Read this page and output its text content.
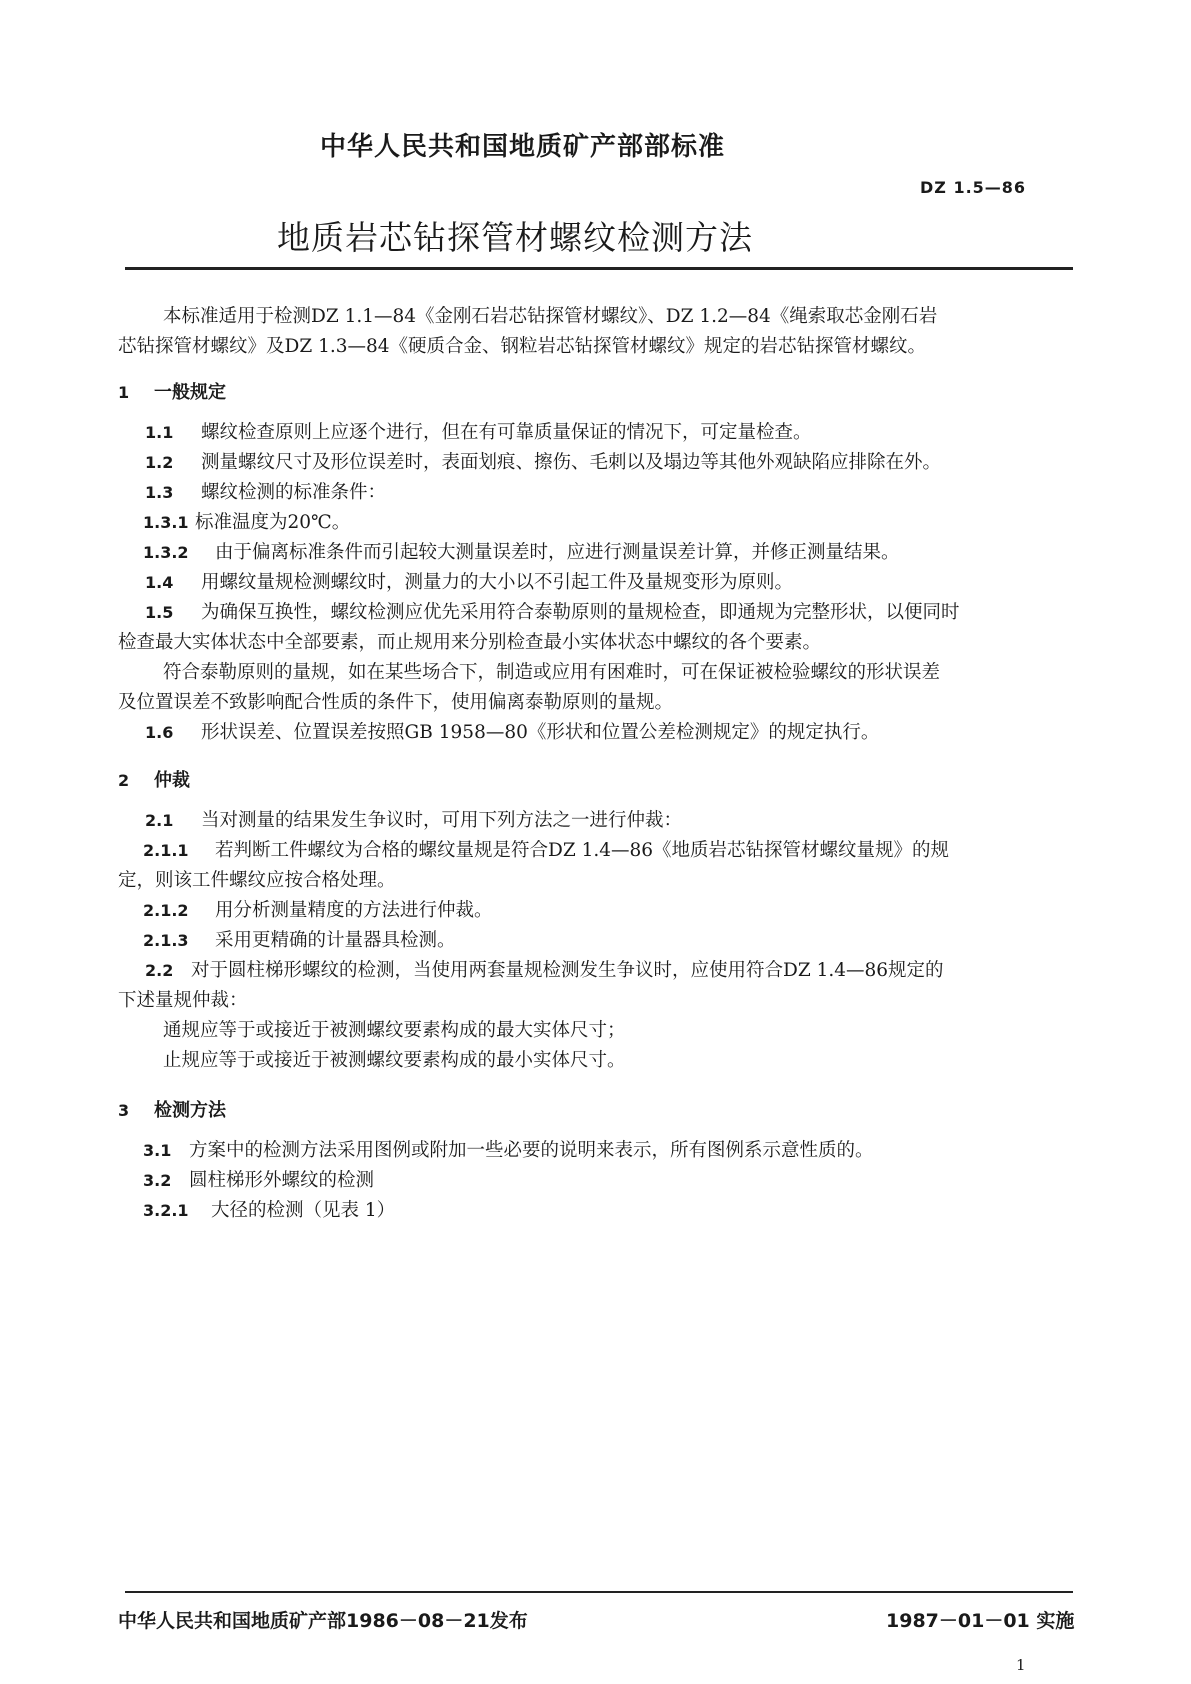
中华人民共和国地质矿产部部标准
DZ 1.5—86
地质岩芯钻探管材螺纹检测方法
本标准适用于检测DZ 1.1—84《金刚石岩芯钻探管材螺纹》、DZ 1.2—84《绳索取芯金刚石岩
芯钻探管材螺纹》及DZ 1.3—84《硬质合金、钢粒岩芯钻探管材螺纹》规定的岩芯钻探管材螺纹。
1 一般规定
1.1 螺纹检查原则上应逐个进行，但在有可靠质量保证的情况下，可定量检查。
1.2 测量螺纹尺寸及形位误差时，表面划痕、擦伤、毛刺以及塌边等其他外观缺陷应排除在外。
1.3 螺纹检测的标准条件：
1.3.1 标准温度为20℃。
1.3.2 由于偏离标准条件而引起较大测量误差时，应进行测量误差计算，并修正测量结果。
1.4 用螺纹量规检测螺纹时，测量力的大小以不引起工件及量规变形为原则。
1.5 为确保互换性，螺纹检测应优先采用符合泰勒原则的量规检查，即通规为完整形状，以便同时
检查最大实体状态中全部要素，而止规用来分别检查最小实体状态中螺纹的各个要素。
符合泰勒原则的量规，如在某些场合下，制造或应用有困难时，可在保证被检验螺纹的形状误差
及位置误差不致影响配合性质的条件下，使用偏离泰勒原则的量规。
1.6 形状误差、位置误差按照GB 1958—80《形状和位置公差检测规定》的规定执行。
2 仲裁
2.1 当对测量的结果发生争议时，可用下列方法之一进行仲裁：
2.1.1 若判断工件螺纹为合格的螺纹量规是符合DZ 1.4—86《地质岩芯钻探管材螺纹量规》的规
定，则该工件螺纹应按合格处理。
2.1.2 用分析测量精度的方法进行仲裁。
2.1.3 采用更精确的计量器具检测。
2.2 对于圆柱梯形螺纹的检测，当使用两套量规检测发生争议时，应使用符合DZ 1.4—86规定的
下述量规仲裁：
通规应等于或接近于被测螺纹要素构成的最大实体尺寸；
止规应等于或接近于被测螺纹要素构成的最小实体尺寸。
3 检测方法
3.1 方案中的检测方法采用图例或附加一些必要的说明来表示，所有图例系示意性质的。
3.2 圆柱梯形外螺纹的检测
3.2.1 大径的检测（见表 1）
中华人民共和国地质矿产部1986－08－21发布	1987－01－01 实施
1
